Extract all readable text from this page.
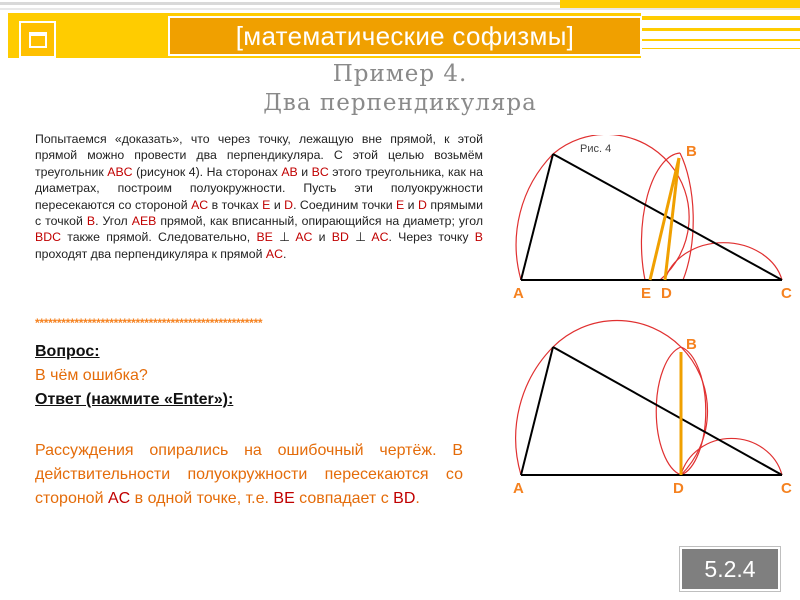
[математические софизмы]
Пример 4.
Два перпендикуляра
Попытаемся «доказать», что через точку, лежащую вне прямой, к этой прямой можно провести два перпендикуляра. С этой целью возьмём треугольник ABC (рисунок 4). На сторонах AB и BC этого треугольника, как на диаметрах, построим полуокружности. Пусть эти полуокружности пересекаются со стороной AC в точках E и D. Соединим точки E и D прямыми с точкой B. Угол AEB прямой, как вписанный, опирающийся на диаметр; угол BDC также прямой. Следовательно, BE ⊥ AC и BD ⊥ AC. Через точку B проходят два перпендикуляра к прямой AC.
****************************************************
Вопрос:
В чём ошибка?
Ответ (нажмите «Enter»):
Рассуждения опирались на ошибочный чертёж. В действительности полуокружности пересекаются со стороной AC в одной точке, т.е. BE совпадает с BD.
Рис. 4	B
A	E D	C
B
A	D	C
5.2.4
